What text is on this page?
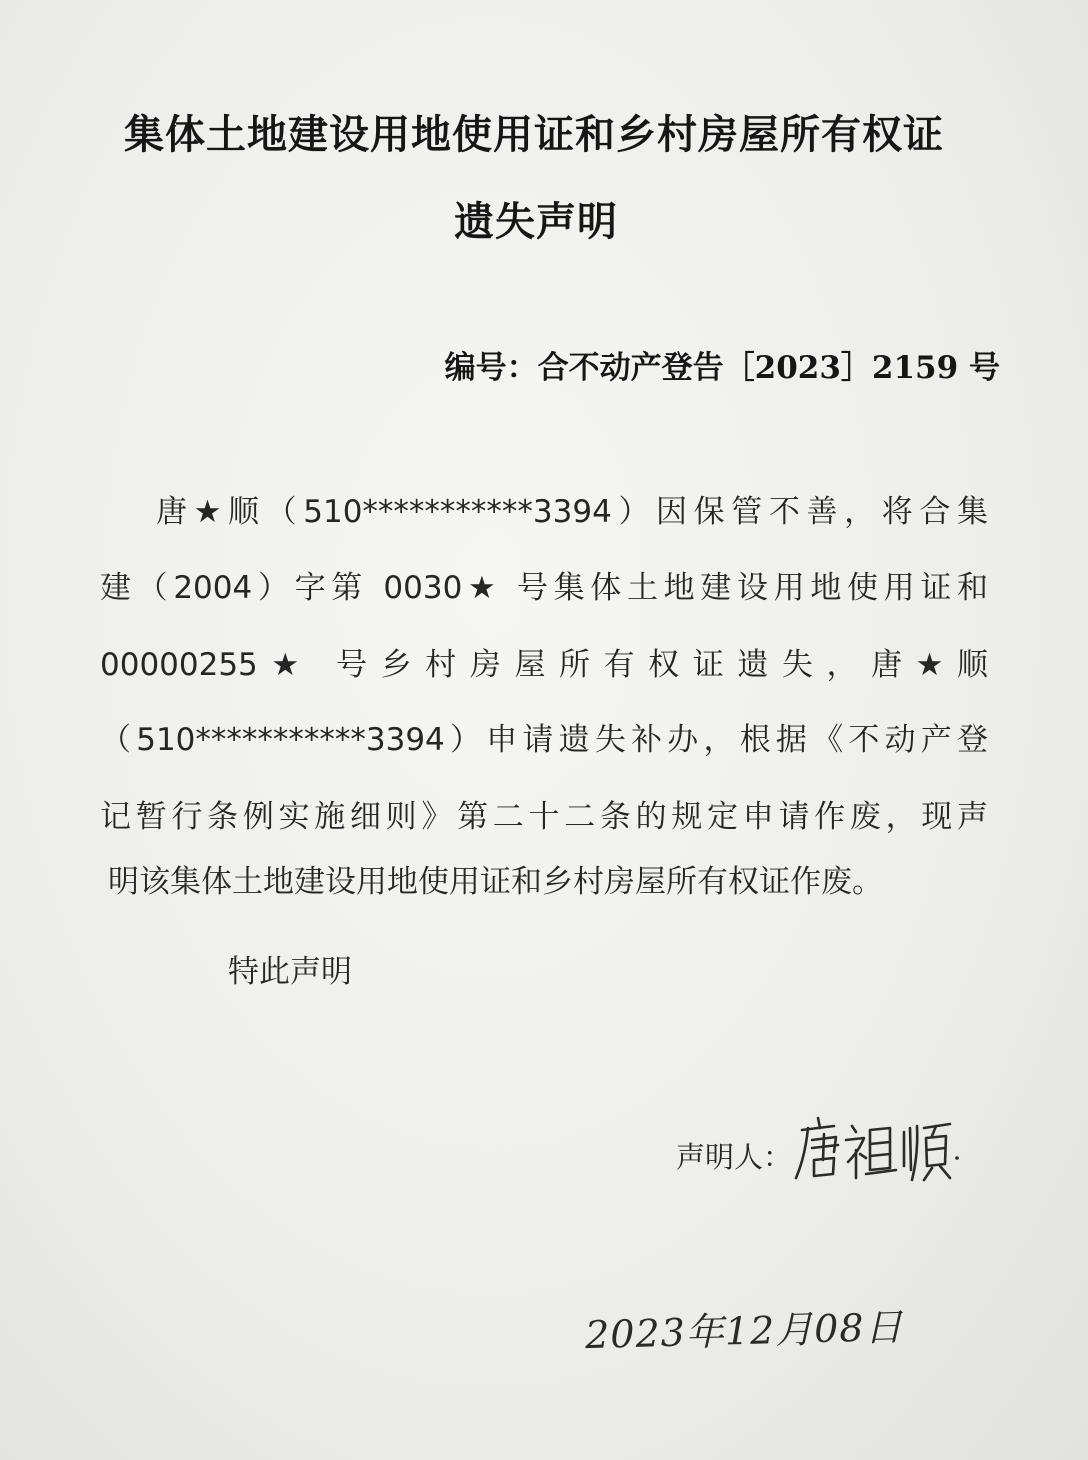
集体土地建设用地使用证和乡村房屋所有权证
遗失声明
编号：合不动产登告［2023］2159 号
唐★顺（510***********3394）因保管不善，将合集
建（2004）字第 0030★ 号集体土地建设用地使用证和
00000255★ 号乡村房屋所有权证遗失，唐★顺
（510***********3394）申请遗失补办，根据《不动产登
记暂行条例实施细则》第二十二条的规定申请作废，现声
明该集体土地建设用地使用证和乡村房屋所有权证作废。
特此声明
声明人：
2023年12月08日
